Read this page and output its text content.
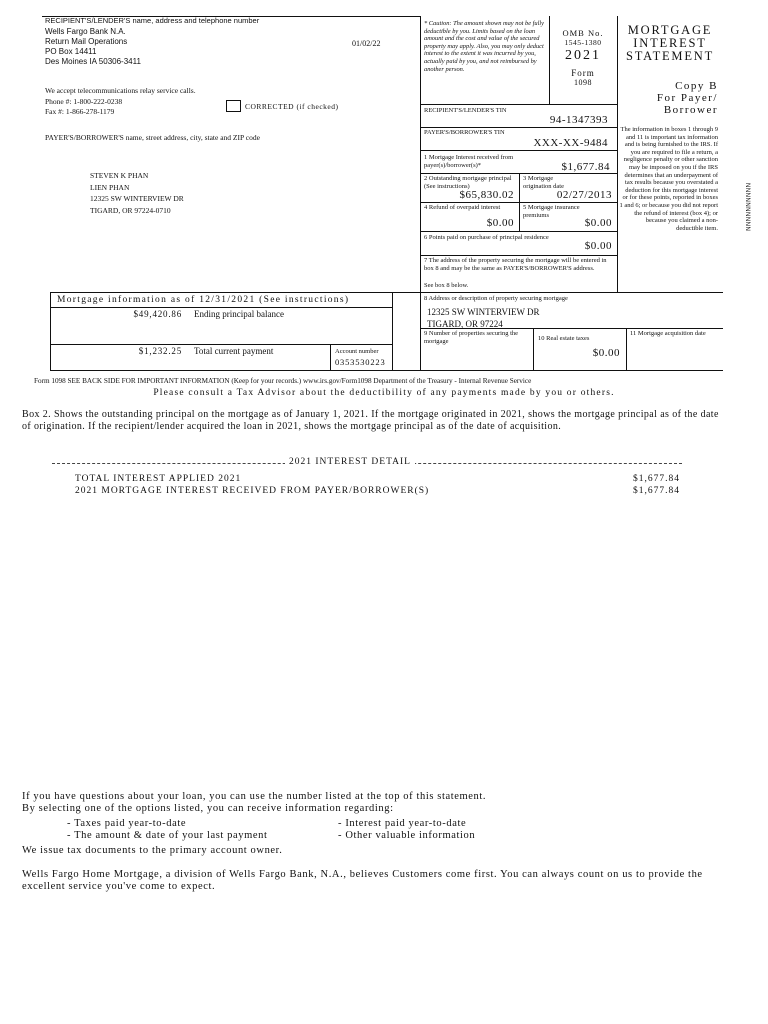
RECIPIENT'S/LENDER'S name, address and telephone number
Wells Fargo Bank N.A.
Return Mail Operations
PO Box 14411
Des Moines IA 50306-3411
01/02/22
We accept telecommunications relay service calls.
Phone #: 1-800-222-0238
Fax #: 1-866-278-1179
CORRECTED (if checked)
PAYER'S/BORROWER'S name, street address, city, state and ZIP code
STEVEN K PHAN
LIEN PHAN
12325 SW WINTERVIEW DR
TIGARD, OR 97224-0710
* Caution: The amount shown may not be fully deductible by you. Limits based on the loan amount and the cost and value of the secured property may apply. Also, you may only deduct interest to the extent it was incurred by you, actually paid by you, and not reimbursed by another person.
OMB No.
1545-1380
2021
Form
1098
MORTGAGE
INTEREST
STATEMENT
Copy B
For Payer/
Borrower
The information in boxes 1 through 9 and 11 is important tax information and is being furnished to the IRS. If you are required to file a return, a negligence penalty or other sanction may be imposed on you if the IRS determines that an underpayment of tax results because you overstated a deduction for this mortgage interest or for these points, reported in boxes 1 and 6; or because you did not report the refund of interest (box 4); or because you claimed a non-deductible item.	NNNNNNNNNN
RECIPIENT'S/LENDER'S TIN
94-1347393
PAYER'S/BORROWER'S TIN
XXX-XX-9484
1 Mortgage Interest received from payer(s)/borrower(s)*	$1,677.84
2 Outstanding mortgage principal (See instructions)
$65,830.02
3 Mortgage origination date
02/27/2013
4 Refund of overpaid interest
$0.00
5 Mortgage insurance premiums
$0.00
6 Points paid on purchase of principal residence
$0.00
7 The address of the property securing the mortgage will be entered in box 8 and may be the same as PAYER'S/BORROWER'S address.
See box 8 below.
Mortgage information as of 12/31/2021 (See instructions)
$49,420.86 Ending principal balance
$1,232.25 Total current payment	Account number
0353530223
8 Address or description of property securing mortgage
12325 SW WINTERVIEW DR
TIGARD, OR 97224
9 Number of properties securing the mortgage	10 Real estate taxes
$0.00
11 Mortgage acquisition date
Form 1098 SEE BACK SIDE FOR IMPORTANT INFORMATION (Keep for your records.) www.irs.gov/Form1098 Department of the Treasury - Internal Revenue Service
Please consult a Tax Advisor about the deductibility of any payments made by you or others.
Box 2. Shows the outstanding principal on the mortgage as of January 1, 2021. If the mortgage originated in 2021, shows the mortgage principal as of the date of origination. If the recipient/lender acquired the loan in 2021, shows the mortgage principal as of the date of acquisition.
2021 INTEREST DETAIL
TOTAL INTEREST APPLIED 2021	$1,677.84
2021 MORTGAGE INTEREST RECEIVED FROM PAYER/BORROWER(S)	$1,677.84
If you have questions about your loan, you can use the number listed at the top of this statement.
By selecting one of the options listed, you can receive information regarding:
- Taxes paid year-to-date	- Interest paid year-to-date
- The amount & date of your last payment	- Other valuable information
We issue tax documents to the primary account owner.
Wells Fargo Home Mortgage, a division of Wells Fargo Bank, N.A., believes Customers come first. You can always count on us to provide the excellent service you've come to expect.
